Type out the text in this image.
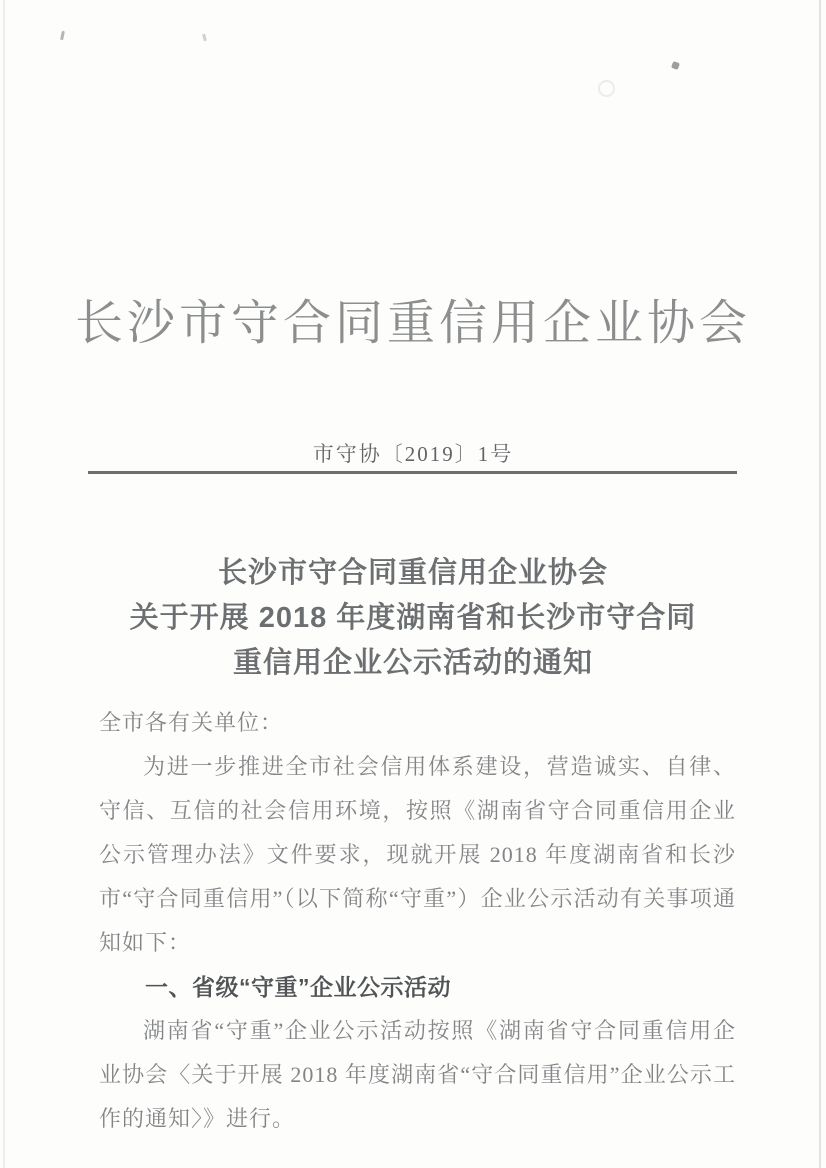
长沙市守合同重信用企业协会
市守协〔2019〕1号
长沙市守合同重信用企业协会
关于开展 2018 年度湖南省和长沙市守合同
重信用企业公示活动的通知

全市各有关单位：

为进一步推进全市社会信用体系建设，营造诚实、自律、守信、互信的社会信用环境，按照《湖南省守合同重信用企业公示管理办法》文件要求，现就开展 2018 年度湖南省和长沙市“守合同重信用”（以下简称“守重”）企业公示活动有关事项通知如下：

一、省级“守重”企业公示活动

湖南省“守重”企业公示活动按照《湖南省守合同重信用企业协会〈关于开展 2018 年度湖南省“守合同重信用”企业公示工作的通知〉》进行。
